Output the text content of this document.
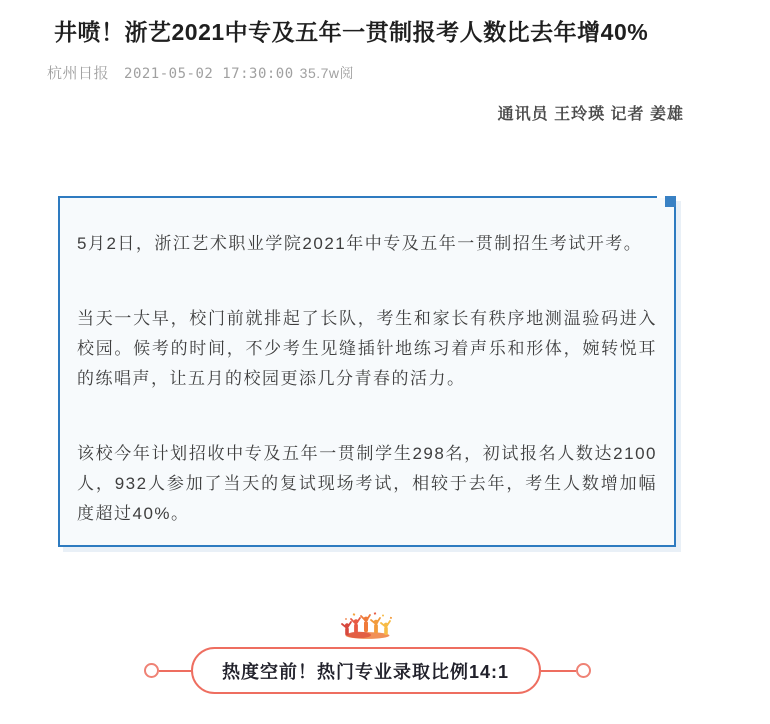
井喷！浙艺2021中专及五年一贯制报考人数比去年增40%
杭州日报 2021-05-02 17:30:00 35.7w阅
通讯员 王玲瑛 记者 姜雄

5月2日，浙江艺术职业学院2021年中专及五年一贯制招生考试开考。

当天一大早，校门前就排起了长队，考生和家长有秩序地测温验码进入校园。候考的时间，不少考生见缝插针地练习着声乐和形体，婉转悦耳的练唱声，让五月的校园更添几分青春的活力。

该校今年计划招收中专及五年一贯制学生298名，初试报名人数达2100人，932人参加了当天的复试现场考试，相较于去年，考生人数增加幅度超过40%。

热度空前！热门专业录取比例14:1
